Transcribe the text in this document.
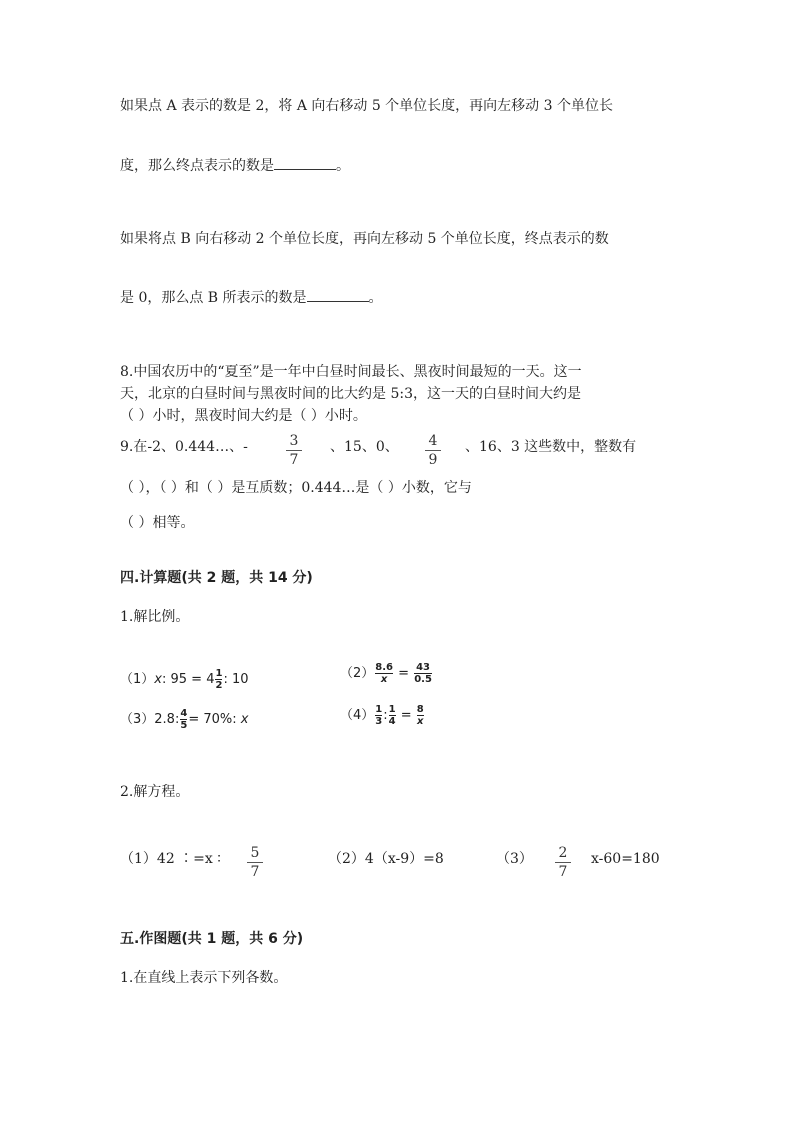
如果点 A 表示的数是 2，将 A 向右移动 5 个单位长度，再向左移动 3 个单位长
度，那么终点表示的数是	。
如果将点 B 向右移动 2 个单位长度，再向左移动 5 个单位长度，终点表示的数
是 0，那么点 B 所表示的数是	。
8.中国农历中的“夏至”是一年中白昼时间最长、黑夜时间最短的一天。这一
天，北京的白昼时间与黑夜时间的比大约是 5:3，这一天的白昼时间大约是
（ ）小时，黑夜时间大约是（ ）小时。
9.在-2、0.444…、-	3
7
、15、0、 4
9
、16、3 这些数中，整数有
（ ），（ ）和（ ）是互质数；0.444…是（ ）小数，它与
（ ）相等。
四.计算题(共 2 题，共 14 分)
1.解比例。
（1）x: $95 = 4 \frac{1}{2}$ : 10	$(2) \frac{8.6}{x} = \frac{43}{0.5}$
（3）2.8: $\frac{4}{5} = 70\%$: x	$(4) \frac{1}{3}$ : $\frac{1}{4} = \frac{8}{x}$
2.解方程。
（1）42 ∶=x ∶ 5
7
（2）4（x-9）=8	（3） 2
7
x-60=180
五.作图题(共 1 题，共 6 分)
1.在直线上表示下列各数。
